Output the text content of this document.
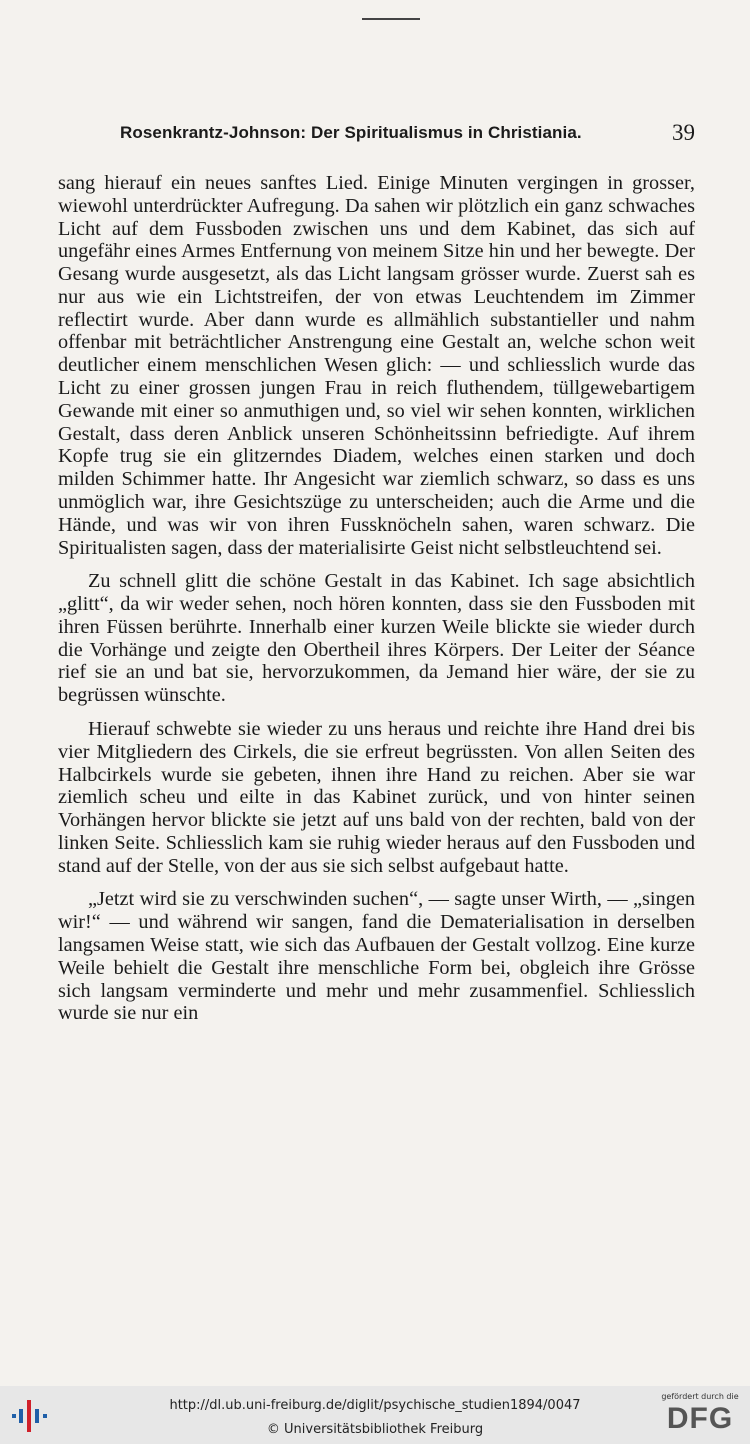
Rosenkrantz-Johnson: Der Spiritualismus in Christiania.	39

sang hierauf ein neues sanftes Lied. Einige Minuten vergingen in grosser, wiewohl unterdrückter Aufregung. Da sahen wir plötzlich ein ganz schwaches Licht auf dem Fussboden zwischen uns und dem Kabinet, das sich auf ungefähr eines Armes Entfernung von meinem Sitze hin und her bewegte. Der Gesang wurde ausgesetzt, als das Licht langsam grösser wurde. Zuerst sah es nur aus wie ein Lichtstreifen, der von etwas Leuchtendem im Zimmer reflectirt wurde. Aber dann wurde es allmählich substantieller und nahm offenbar mit beträchtlicher Anstrengung eine Gestalt an, welche schon weit deutlicher einem menschlichen Wesen glich: — und schliesslich wurde das Licht zu einer grossen jungen Frau in reich fluthendem, tüllgewebartigem Gewande mit einer so anmuthigen und, so viel wir sehen konnten, wirklichen Gestalt, dass deren Anblick unseren Schönheitssinn befriedigte. Auf ihrem Kopfe trug sie ein glitzerndes Diadem, welches einen starken und doch milden Schimmer hatte. Ihr Angesicht war ziemlich schwarz, so dass es uns unmöglich war, ihre Gesichtszüge zu unterscheiden; auch die Arme und die Hände, und was wir von ihren Fussknöcheln sahen, waren schwarz. Die Spiritualisten sagen, dass der materialisirte Geist nicht selbstleuchtend sei.

Zu schnell glitt die schöne Gestalt in das Kabinet. Ich sage absichtlich „glitt“, da wir weder sehen, noch hören konnten, dass sie den Fussboden mit ihren Füssen berührte. Innerhalb einer kurzen Weile blickte sie wieder durch die Vorhänge und zeigte den Obertheil ihres Körpers. Der Leiter der Séance rief sie an und bat sie, hervorzukommen, da Jemand hier wäre, der sie zu begrüssen wünschte.

Hierauf schwebte sie wieder zu uns heraus und reichte ihre Hand drei bis vier Mitgliedern des Cirkels, die sie erfreut begrüssten. Von allen Seiten des Halbcirkels wurde sie gebeten, ihnen ihre Hand zu reichen. Aber sie war ziemlich scheu und eilte in das Kabinet zurück, und von hinter seinen Vorhängen hervor blickte sie jetzt auf uns bald von der rechten, bald von der linken Seite. Schliesslich kam sie ruhig wieder heraus auf den Fussboden und stand auf der Stelle, von der aus sie sich selbst aufgebaut hatte.

„Jetzt wird sie zu verschwinden suchen“, — sagte unser Wirth, — „singen wir!“ — und während wir sangen, fand die Dematerialisation in derselben langsamen Weise statt, wie sich das Aufbauen der Gestalt vollzog. Eine kurze Weile behielt die Gestalt ihre menschliche Form bei, obgleich ihre Grösse sich langsam verminderte und mehr und mehr zusammenfiel. Schliesslich wurde sie nur ein

http://dl.ub.uni-freiburg.de/diglit/psychische_studien1894/0047
© Universitätsbibliothek Freiburg
gefördert durch die
DFG
